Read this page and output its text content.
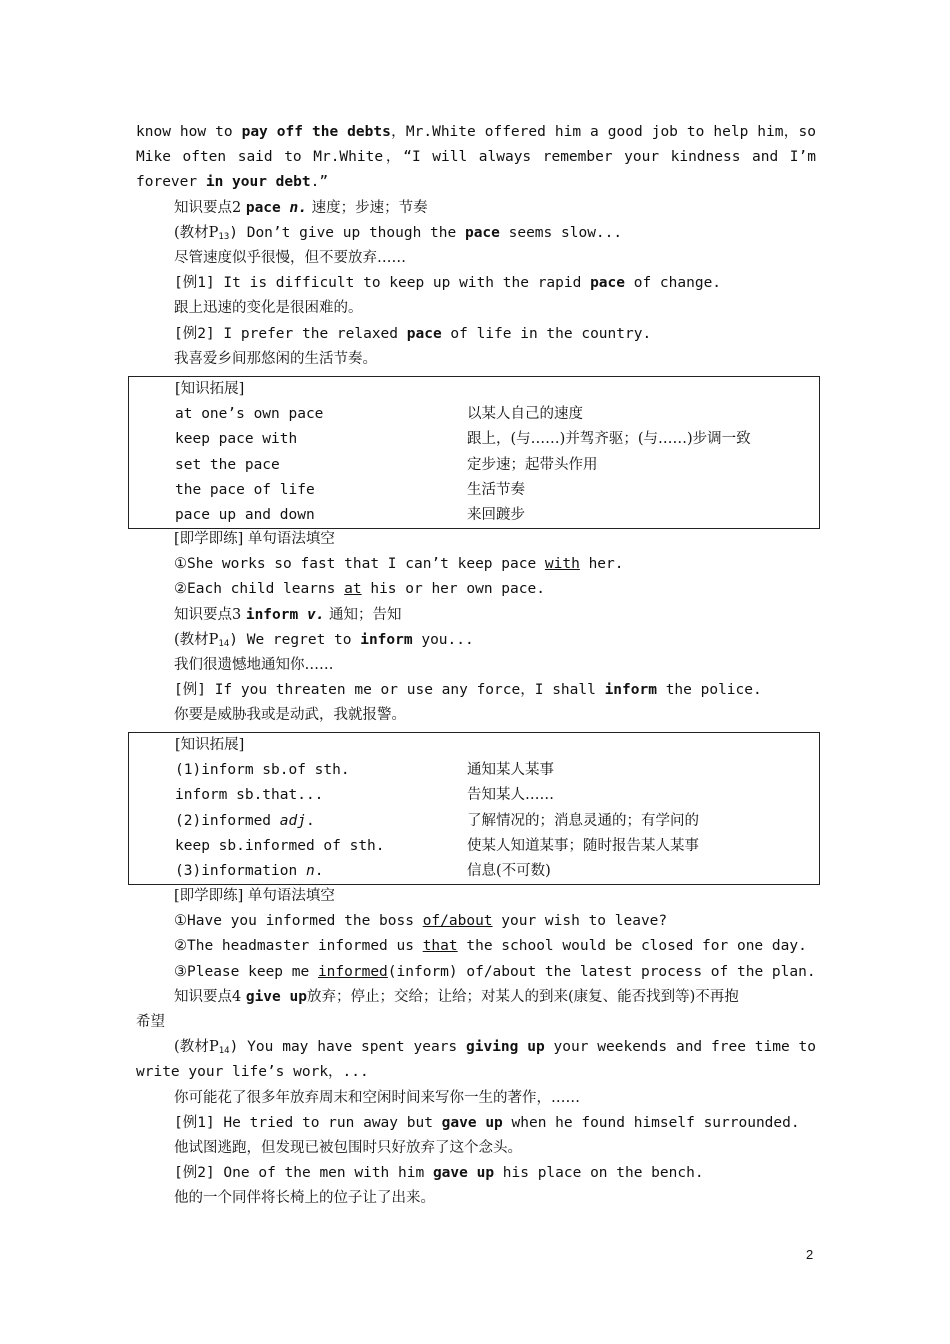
know how to pay off the debts，Mr.White offered him a good job to help him，so
Mike often said to Mr.White，“I will always remember your kindness and I’m
forever in your debt.”
知识要点2 pace n. 速度；步速；节奏
(教材$P_{13}$) Don’t give up though the pace seems slow...
尽管速度似乎很慢，但不要放弃……
[例1] It is difficult to keep up with the rapid pace of change.
跟上迅速的变化是很困难的。
[例2] I prefer the relaxed pace of life in the country.
我喜爱乡间那悠闲的生活节奏。
[知识拓展]
at one’s own pace	以某人自己的速度
keep pace with	跟上，(与……)并驾齐驱；(与……)步调一致
set the pace	定步速；起带头作用
the pace of life	生活节奏
pace up and down	来回踱步
[即学即练] 单句语法填空
①She works so fast that I can’t keep pace with her.
②Each child learns at his or her own pace.
知识要点3 inform v. 通知；告知
(教材$P_{14}$) We regret to inform you...
我们很遗憾地通知你……
[例] If you threaten me or use any force，I shall inform the police.
你要是威胁我或是动武，我就报警。
[知识拓展]
(1)inform sb.of sth.	通知某人某事
inform sb.that...	告知某人……
(2)informed adj.	了解情况的；消息灵通的；有学问的
keep sb.informed of sth.	使某人知道某事；随时报告某人某事
(3)information n.	信息(不可数)
[即学即练] 单句语法填空
①Have you informed the boss of/about your wish to leave?
②The headmaster informed us that the school would be closed for one day.
③Please keep me informed(inform) of/about the latest process of the plan.
知识要点4 give up放弃；停止；交给；让给；对某人的到来(康复、能否找到等)不再抱
希望
(教材$P_{14}$) You may have spent years giving up your weekends and free time to
write your life’s work，...
你可能花了很多年放弃周末和空闲时间来写你一生的著作，……
[例1] He tried to run away but gave up when he found himself surrounded.
他试图逃跑，但发现已被包围时只好放弃了这个念头。
[例2] One of the men with him gave up his place on the bench.
他的一个同伴将长椅上的位子让了出来。
2
